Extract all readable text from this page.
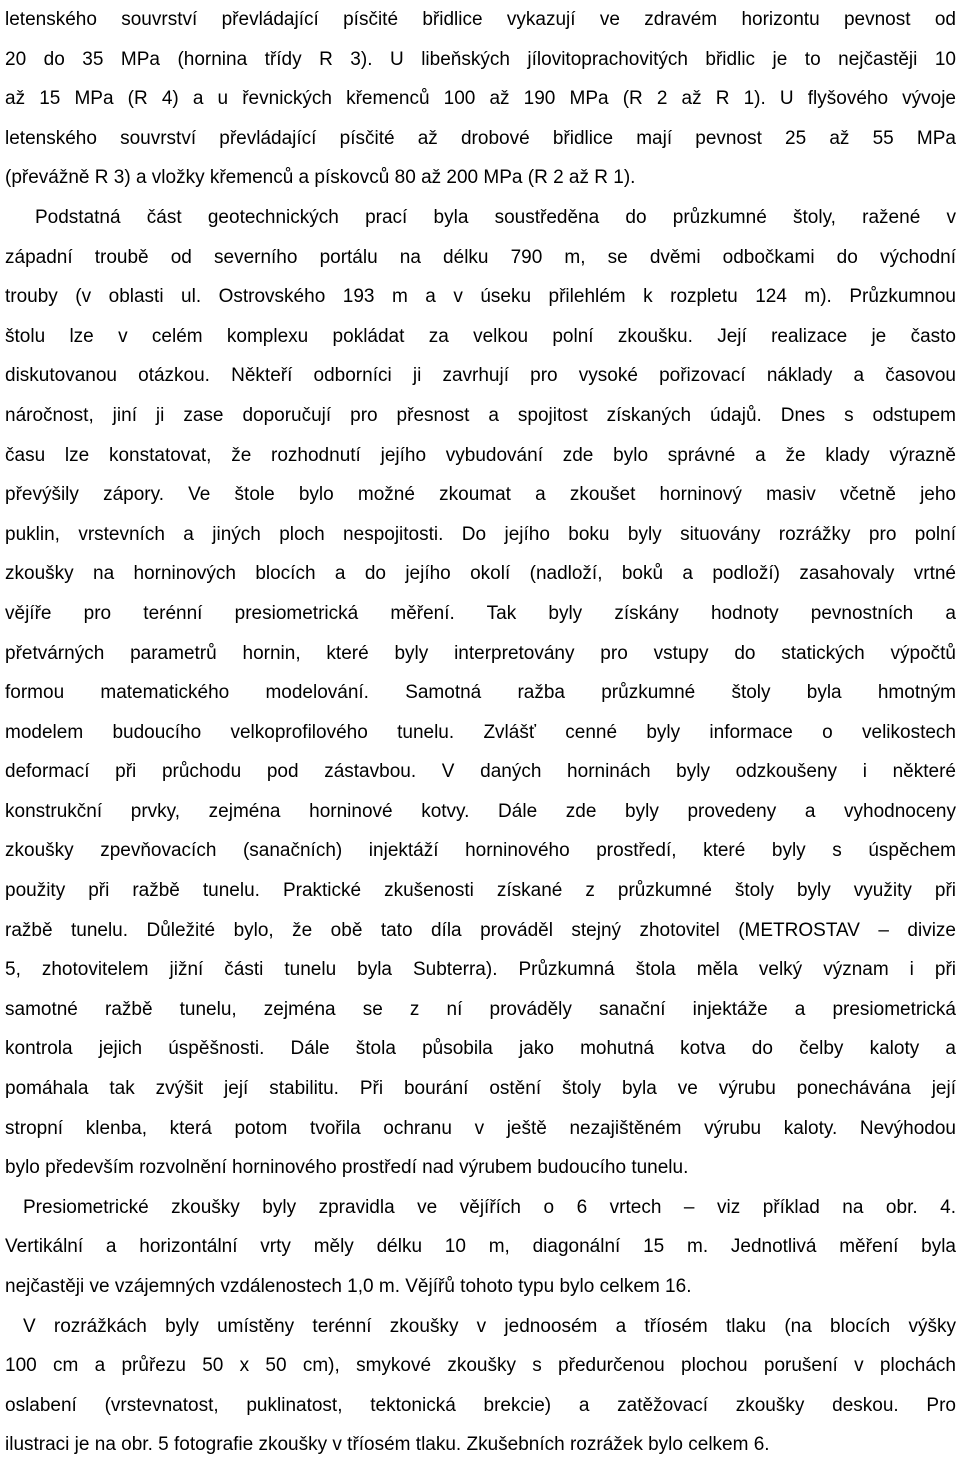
letenského souvrství převládající písčité břidlice vykazují ve zdravém horizontu pevnost od
20 do 35 MPa (hornina třídy R 3). U libeňských jílovitoprachovitých břidlic je to nejčastěji 10
až 15 MPa (R 4) a u řevnických křemenců 100 až 190 MPa (R 2 až R 1). U flyšového vývoje
letenského souvrství převládající písčité až drobové břidlice mají pevnost 25 až 55 MPa
(převážně R 3) a vložky křemenců a pískovců 80 až 200 MPa (R 2 až R 1).

Podstatná část geotechnických prací byla soustředěna do průzkumné štoly, ražené v
západní troubě od severního portálu na délku 790 m, se dvěmi odbočkami do východní
trouby (v oblasti ul. Ostrovského 193 m a v úseku přilehlém k rozpletu 124 m). Průzkumnou
štolu lze v celém komplexu pokládat za velkou polní zkoušku. Její realizace je často
diskutovanou otázkou. Někteří odborníci ji zavrhují pro vysoké pořizovací náklady a časovou
náročnost, jiní ji zase doporučují pro přesnost a spojitost získaných údajů. Dnes s odstupem
času lze konstatovat, že rozhodnutí jejího vybudování zde bylo správné a že klady výrazně
převýšily zápory. Ve štole bylo možné zkoumat a zkoušet horninový masiv včetně jeho
puklin, vrstevních a jiných ploch nespojitosti. Do jejího boku byly situovány rozrážky pro polní
zkoušky na horninových blocích a do jejího okolí (nadloží, boků a podloží) zasahovaly vrtné
vějíře pro terénní presiometrická měření. Tak byly získány hodnoty pevnostních a
přetvárných parametrů hornin, které byly interpretovány pro vstupy do statických výpočtů
formou matematického modelování. Samotná ražba průzkumné štoly byla hmotným
modelem budoucího velkoprofilového tunelu. Zvlášť cenné byly informace o velikostech
deformací při průchodu pod zástavbou. V daných horninách byly odzkoušeny i některé
konstrukční prvky, zejména horninové kotvy. Dále zde byly provedeny a vyhodnoceny
zkoušky zpevňovacích (sanačních) injektáží horninového prostředí, které byly s úspěchem
použity při ražbě tunelu. Praktické zkušenosti získané z průzkumné štoly byly využity při
ražbě tunelu. Důležité bylo, že obě tato díla prováděl stejný zhotovitel (METROSTAV – divize
5, zhotovitelem jižní části tunelu byla Subterra). Průzkumná štola měla velký význam i při
samotné ražbě tunelu, zejména se z ní prováděly sanační injektáže a presiometrická
kontrola jejich úspěšnosti. Dále štola působila jako mohutná kotva do čelby kaloty a
pomáhala tak zvýšit její stabilitu. Při bourání ostění štoly byla ve výrubu ponechávána její
stropní klenba, která potom tvořila ochranu v ještě nezajištěném výrubu kaloty. Nevýhodou
bylo především rozvolnění horninového prostředí nad výrubem budoucího tunelu.

Presiometrické zkoušky byly zpravidla ve vějířích o 6 vrtech – viz příklad na obr. 4.
Vertikální a horizontální vrty měly délku 10 m, diagonální 15 m. Jednotlivá měření byla
nejčastěji ve vzájemných vzdálenostech 1,0 m. Vějířů tohoto typu bylo celkem 16.

V rozrážkách byly umístěny terénní zkoušky v jednoosém a tříosém tlaku (na blocích výšky
100 cm a průřezu 50 x 50 cm), smykové zkoušky s předurčenou plochou porušení v plochách
oslabení (vrstevnatost, puklinatost, tektonická brekcie) a zatěžovací zkoušky deskou. Pro
ilustraci je na obr. 5 fotografie zkoušky v tříosém tlaku. Zkušebních rozrážek bylo celkem 6.
